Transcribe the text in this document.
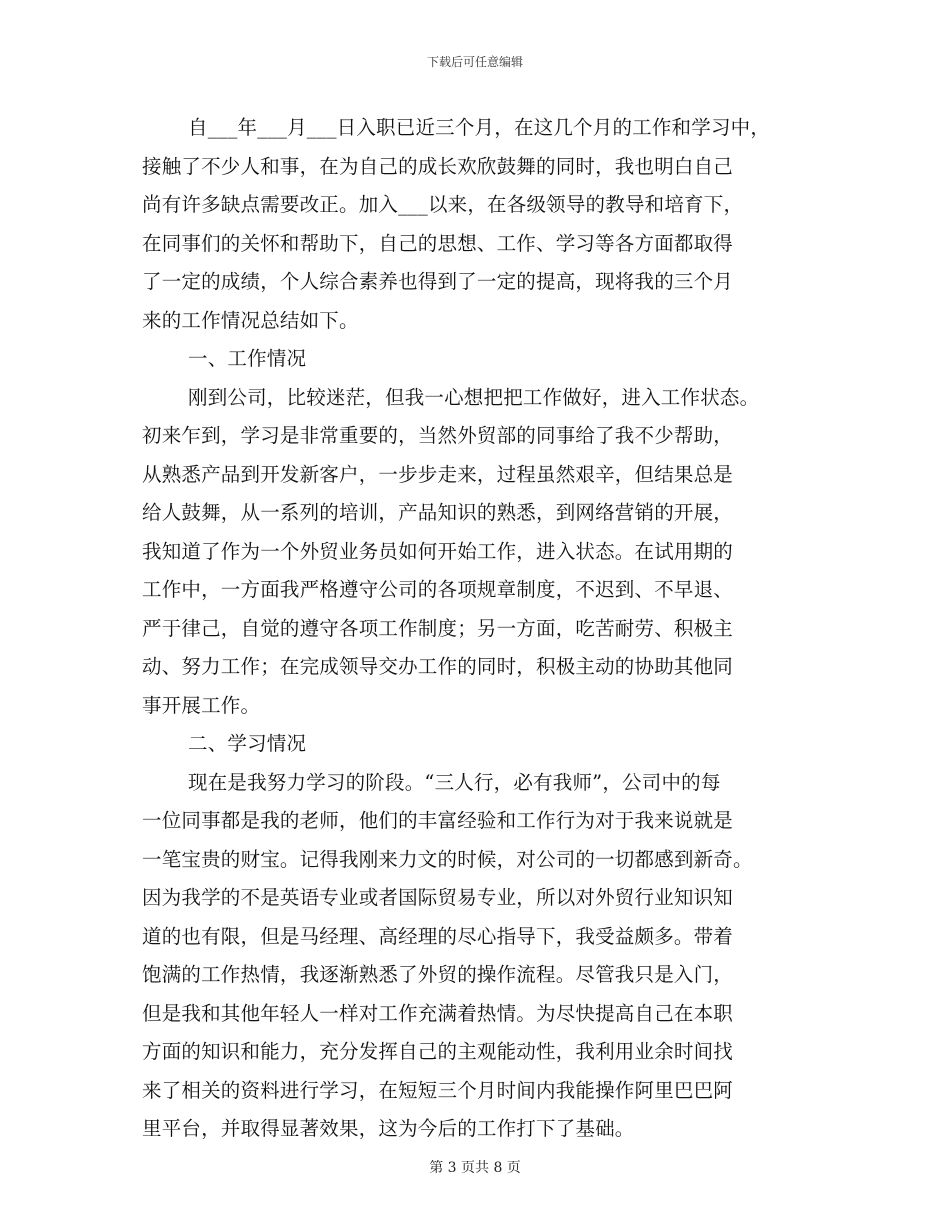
下载后可任意编辑
自___年___月___日入职已近三个月，在这几个月的工作和学习中，
接触了不少人和事，在为自己的成长欢欣鼓舞的同时，我也明白自己
尚有许多缺点需要改正。加入___以来，在各级领导的教导和培育下，
在同事们的关怀和帮助下，自己的思想、工作、学习等各方面都取得
了一定的成绩，个人综合素养也得到了一定的提高，现将我的三个月
来的工作情况总结如下。
一、工作情况
刚到公司，比较迷茫，但我一心想把把工作做好，进入工作状态。
初来乍到，学习是非常重要的，当然外贸部的同事给了我不少帮助，
从熟悉产品到开发新客户，一步步走来，过程虽然艰辛，但结果总是
给人鼓舞，从一系列的培训，产品知识的熟悉，到网络营销的开展，
我知道了作为一个外贸业务员如何开始工作，进入状态。在试用期的
工作中，一方面我严格遵守公司的各项规章制度，不迟到、不早退、
严于律己，自觉的遵守各项工作制度；另一方面，吃苦耐劳、积极主
动、努力工作；在完成领导交办工作的同时，积极主动的协助其他同
事开展工作。
二、学习情况
现在是我努力学习的阶段。“三人行，必有我师”，公司中的每
一位同事都是我的老师，他们的丰富经验和工作行为对于我来说就是
一笔宝贵的财宝。记得我刚来力文的时候，对公司的一切都感到新奇。
因为我学的不是英语专业或者国际贸易专业，所以对外贸行业知识知
道的也有限，但是马经理、高经理的尽心指导下，我受益颇多。带着
饱满的工作热情，我逐渐熟悉了外贸的操作流程。尽管我只是入门，
但是我和其他年轻人一样对工作充满着热情。为尽快提高自己在本职
方面的知识和能力，充分发挥自己的主观能动性，我利用业余时间找
来了相关的资料进行学习，在短短三个月时间内我能操作阿里巴巴阿
里平台，并取得显著效果，这为今后的工作打下了基础。
第 3 页共 8 页
